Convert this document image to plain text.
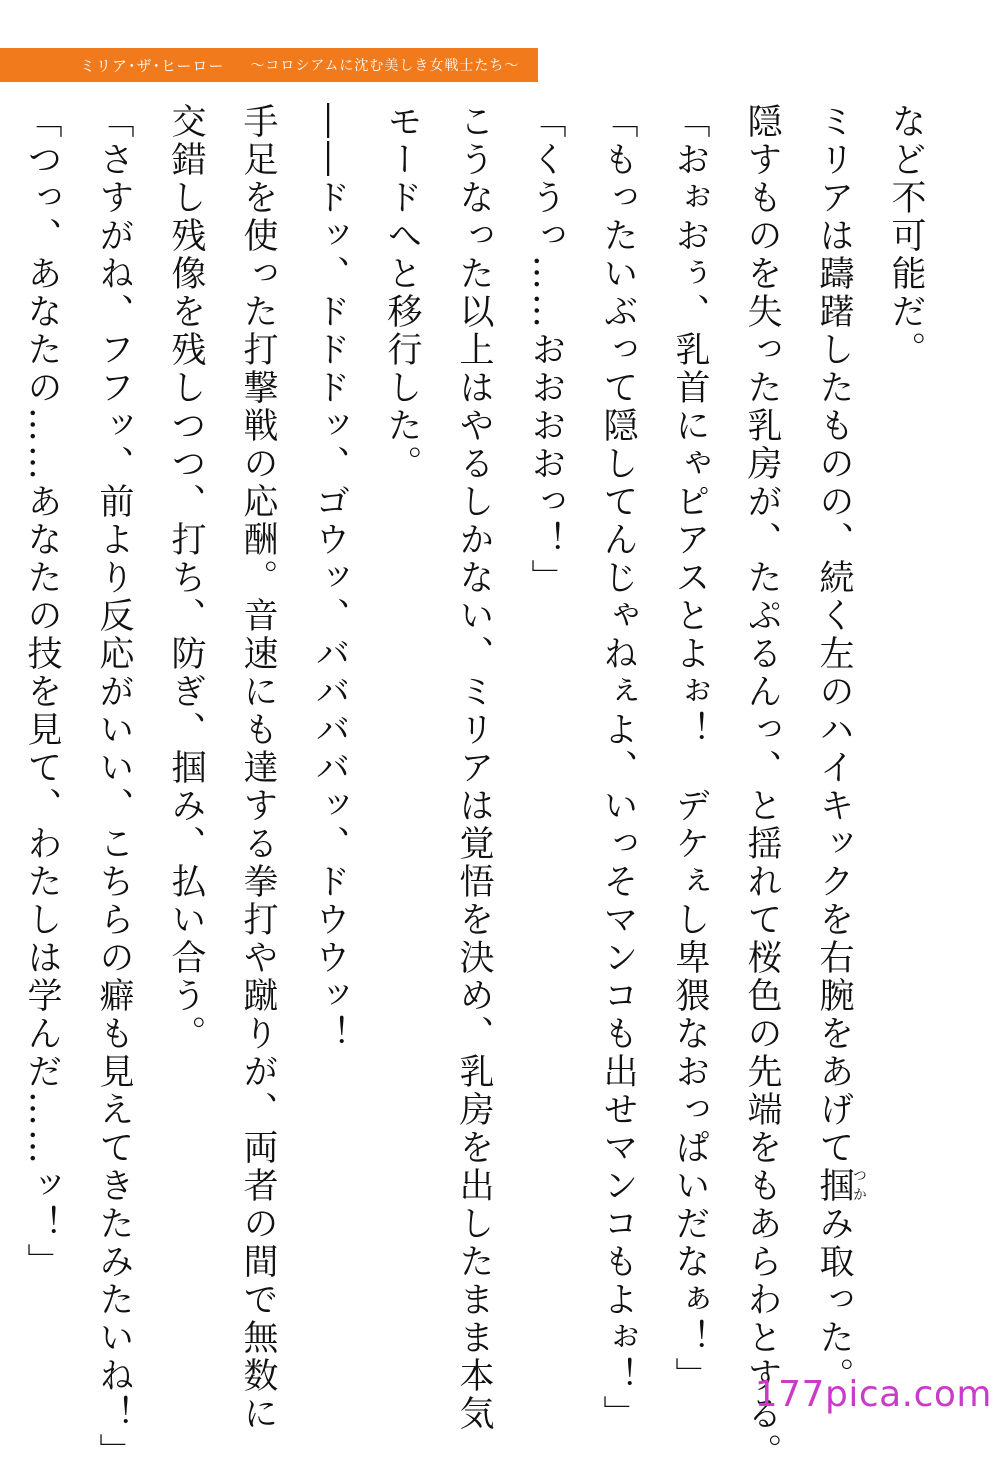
ミリア･ザ･ヒーロー 〜コロシアムに沈む美しき女戦士たち〜
など不可能だ。
ミリアは躊躇したものの、続く左のハイキックを右腕をあげて掴つかみ取った。
隠すものを失った乳房が、たぷるんっ、と揺れて桜色の先端をもあらわとする。
「おぉおぅ、乳首にゃピアスとよぉ！　デケぇし卑猥なおっぱいだなぁ！」
「もったいぶって隠してんじゃねぇよ、いっそマンコも出せマンコもよぉ！」
「くうっ……おおおおっ！」
こうなった以上はやるしかない、ミリアは覚悟を決め、乳房を出したまま本気
モードへと移行した。
――ドッ、ドドドッ、ゴウッ、ババババッ、ドウウッ！
手足を使った打撃戦の応酬。音速にも達する拳打や蹴りが、両者の間で無数に
交錯し残像を残しつつ、打ち、防ぎ、掴み、払い合う。
「さすがね、フフッ、前より反応がいい、こちらの癖も見えてきたみたいね！」
「つっ、あなたの……あなたの技を見て、わたしは学んだ……ッ！」
177pica.com
